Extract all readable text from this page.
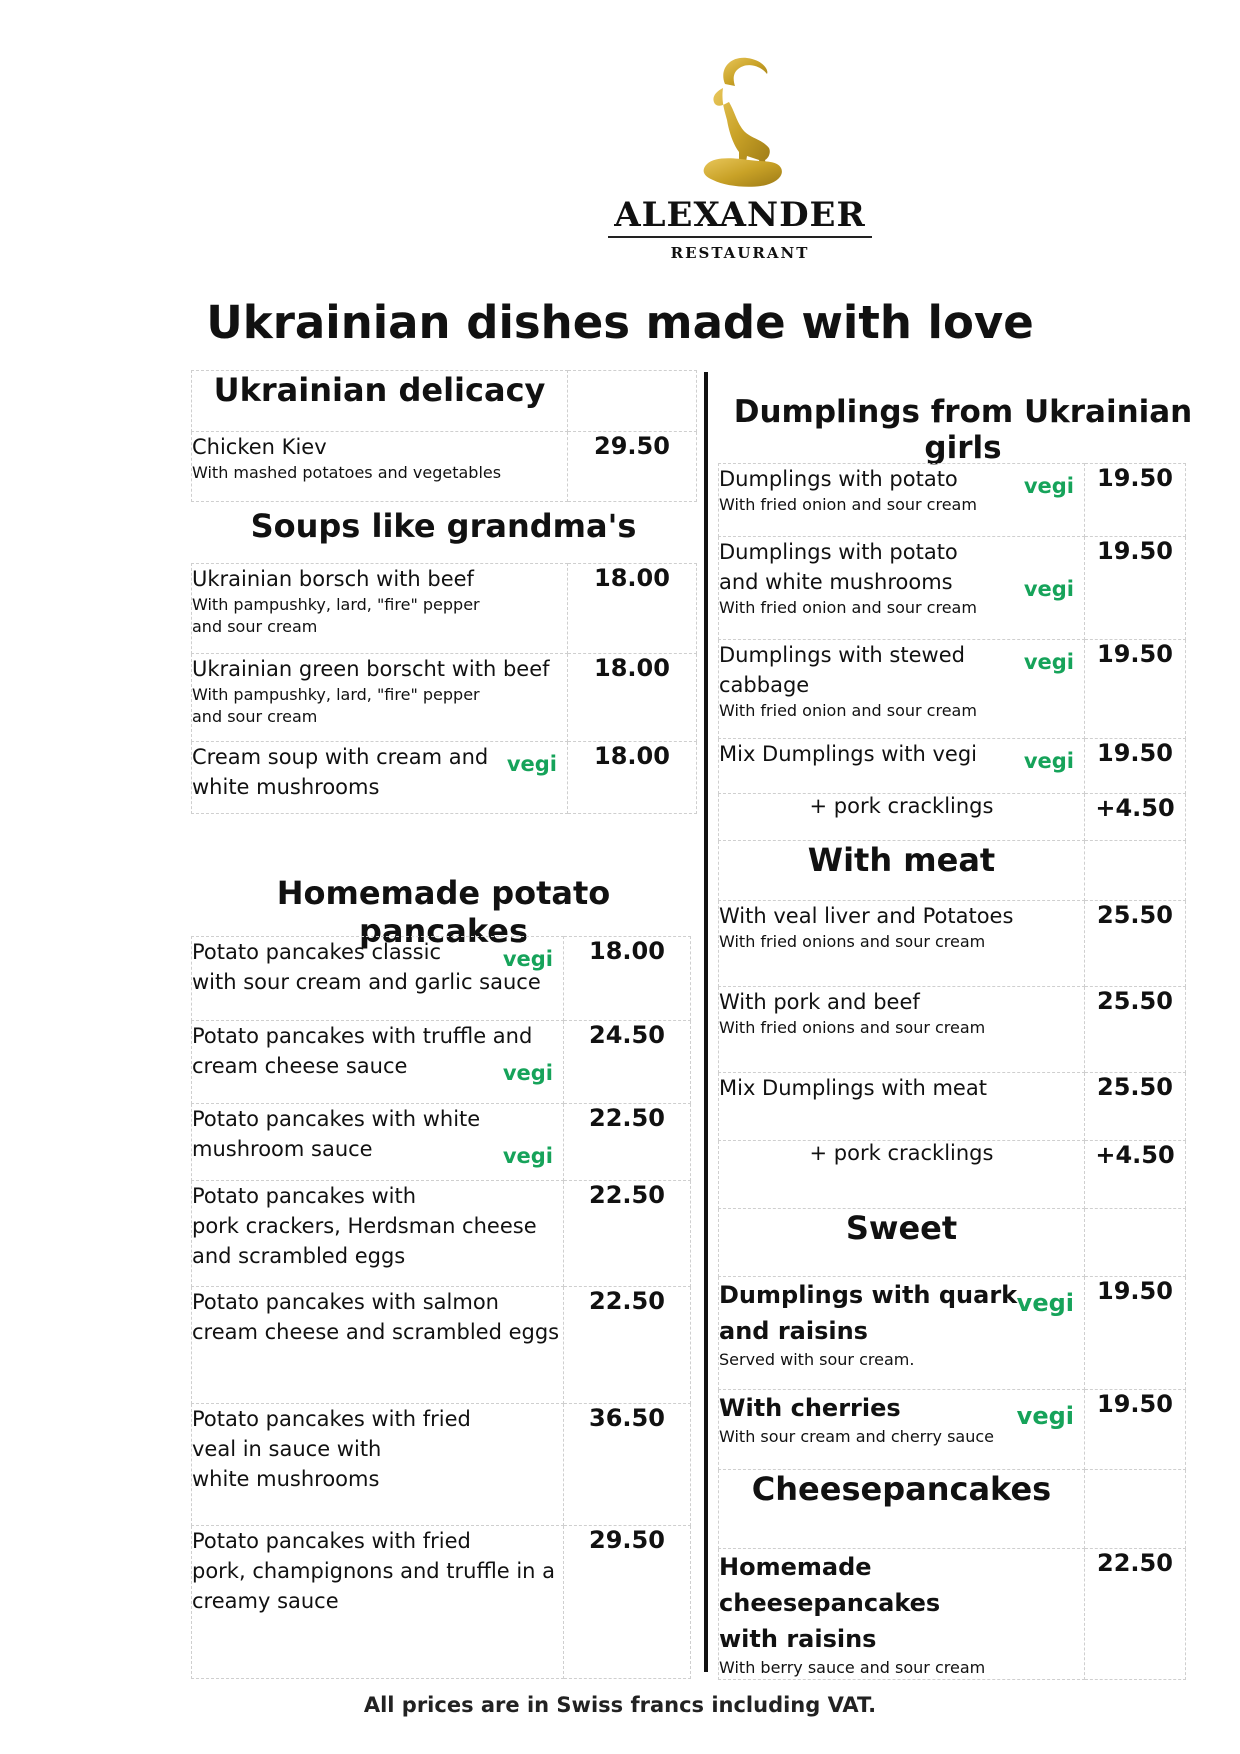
ALEXANDER
RESTAURANT
Ukrainian dishes made with love
Ukrainian delicacy	

Chicken Kiev
With mashed potatoes and vegetables	29.50
Soups like grandma's
Ukrainian borsch with beef
With pampushky, lard, "fire" pepper
and sour cream	18.00

Ukrainian green borscht with beef
With pampushky, lard, "fire" pepper
and sour cream	18.00

vegi
Cream soup with cream and
white mushrooms	18.00
Homemade potato pancakes
vegi
Potato pancakes classic
with sour cream and garlic sauce	18.00

vegi
Potato pancakes with truffle and
cream cheese sauce	24.50

vegi
Potato pancakes with white
mushroom sauce	22.50

Potato pancakes with
pork crackers, Herdsman cheese
and scrambled eggs	22.50

Potato pancakes with salmon
cream cheese and scrambled eggs	22.50

Potato pancakes with fried
veal in sauce with
white mushrooms	36.50

Potato pancakes with fried
pork, champignons and truffle in a
creamy sauce	29.50
Dumplings from Ukrainian girls
vegi
Dumplings with potato
With fried onion and sour cream	19.50

vegi
Dumplings with potato
and white mushrooms
With fried onion and sour cream	19.50

vegi
Dumplings with stewed
cabbage
With fried onion and sour cream	19.50

vegi
Mix Dumplings with vegi	19.50
+ pork cracklings	+4.50
With meat	

With veal liver and Potatoes
With fried onions and sour cream	25.50

With pork and beef
With fried onions and sour cream	25.50

Mix Dumplings with meat	25.50
+ pork cracklings	+4.50
Sweet	

vegi
Dumplings with quark
and raisins
Served with sour cream.	19.50

vegi
With cherries
With sour cream and cherry sauce	19.50
Cheesepancakes	

Homemade cheesepancakes
with raisins
With berry sauce and sour cream	22.50
All prices are in Swiss francs including VAT.
